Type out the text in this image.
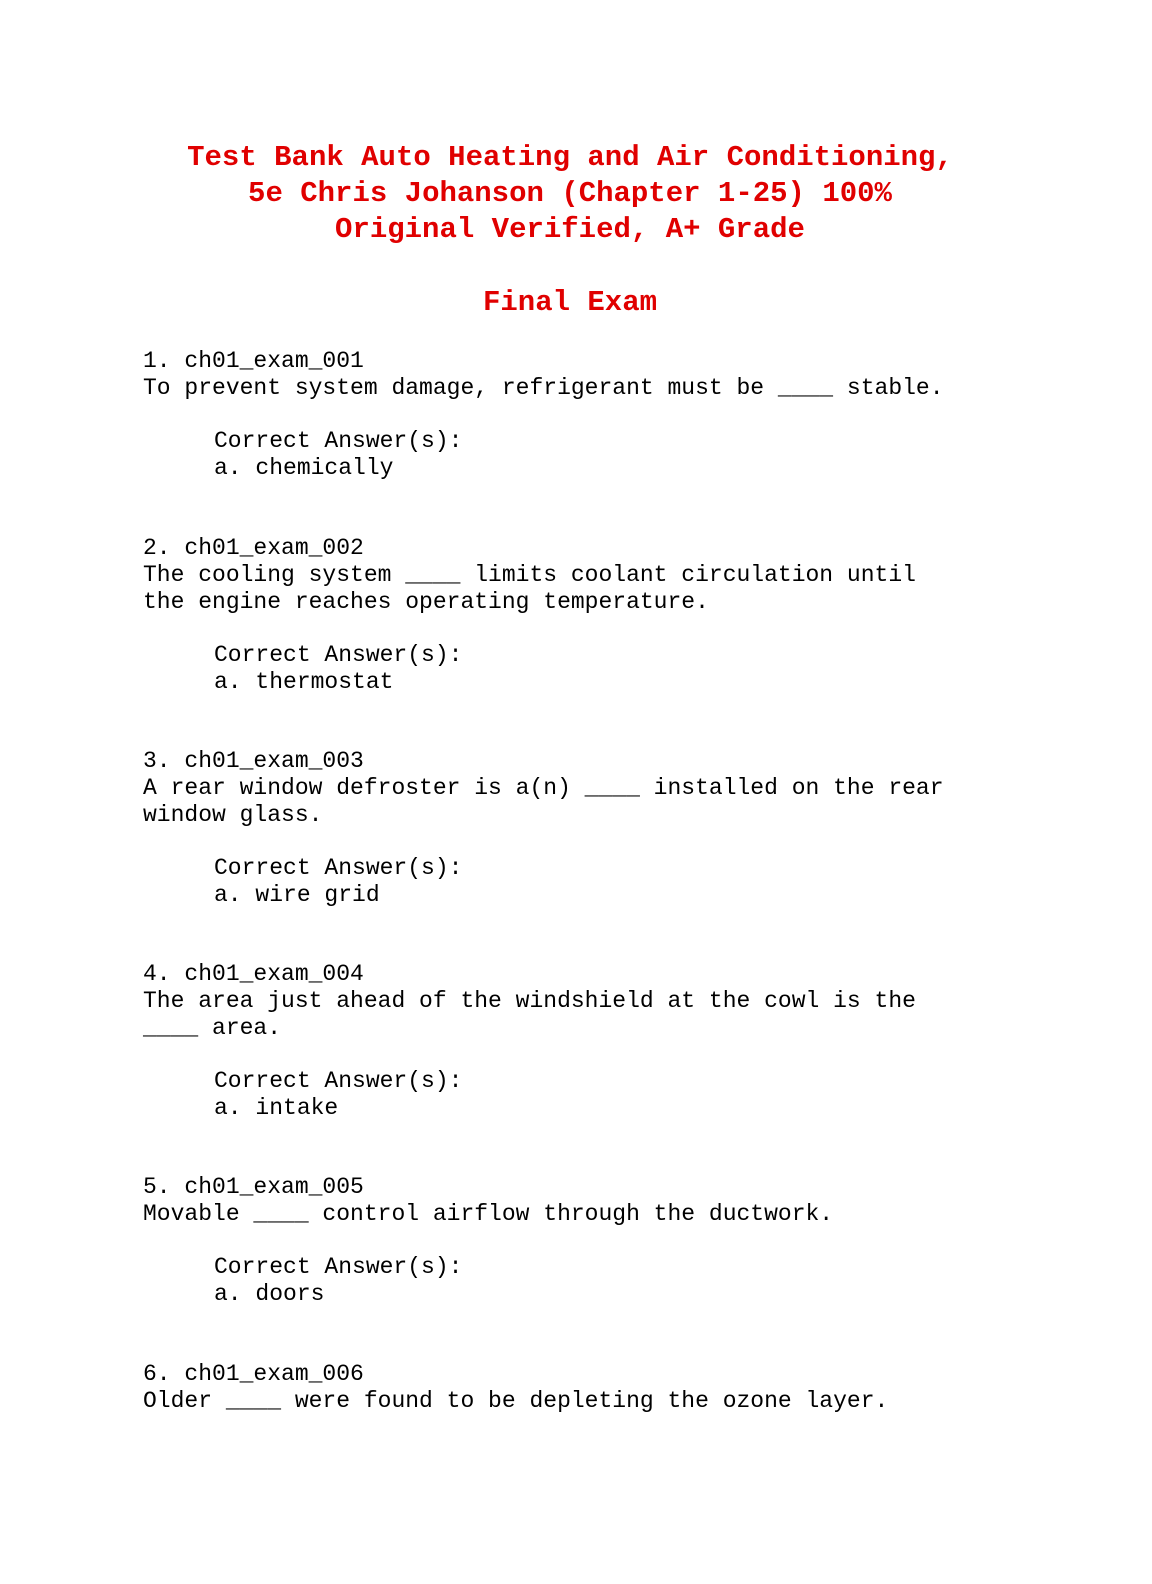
Test Bank Auto Heating and Air Conditioning,
5e Chris Johanson (Chapter 1-25) 100%
Original Verified, A+ Grade
Final Exam
1. ch01_exam_001
To prevent system damage, refrigerant must be ____ stable.
Correct Answer(s):
a. chemically
2. ch01_exam_002
The cooling system ____ limits coolant circulation until
the engine reaches operating temperature.
Correct Answer(s):
a. thermostat
3. ch01_exam_003
A rear window defroster is a(n) ____ installed on the rear
window glass.
Correct Answer(s):
a. wire grid
4. ch01_exam_004
The area just ahead of the windshield at the cowl is the
____ area.
Correct Answer(s):
a. intake
5. ch01_exam_005
Movable ____ control airflow through the ductwork.
Correct Answer(s):
a. doors
6. ch01_exam_006
Older ____ were found to be depleting the ozone layer.
